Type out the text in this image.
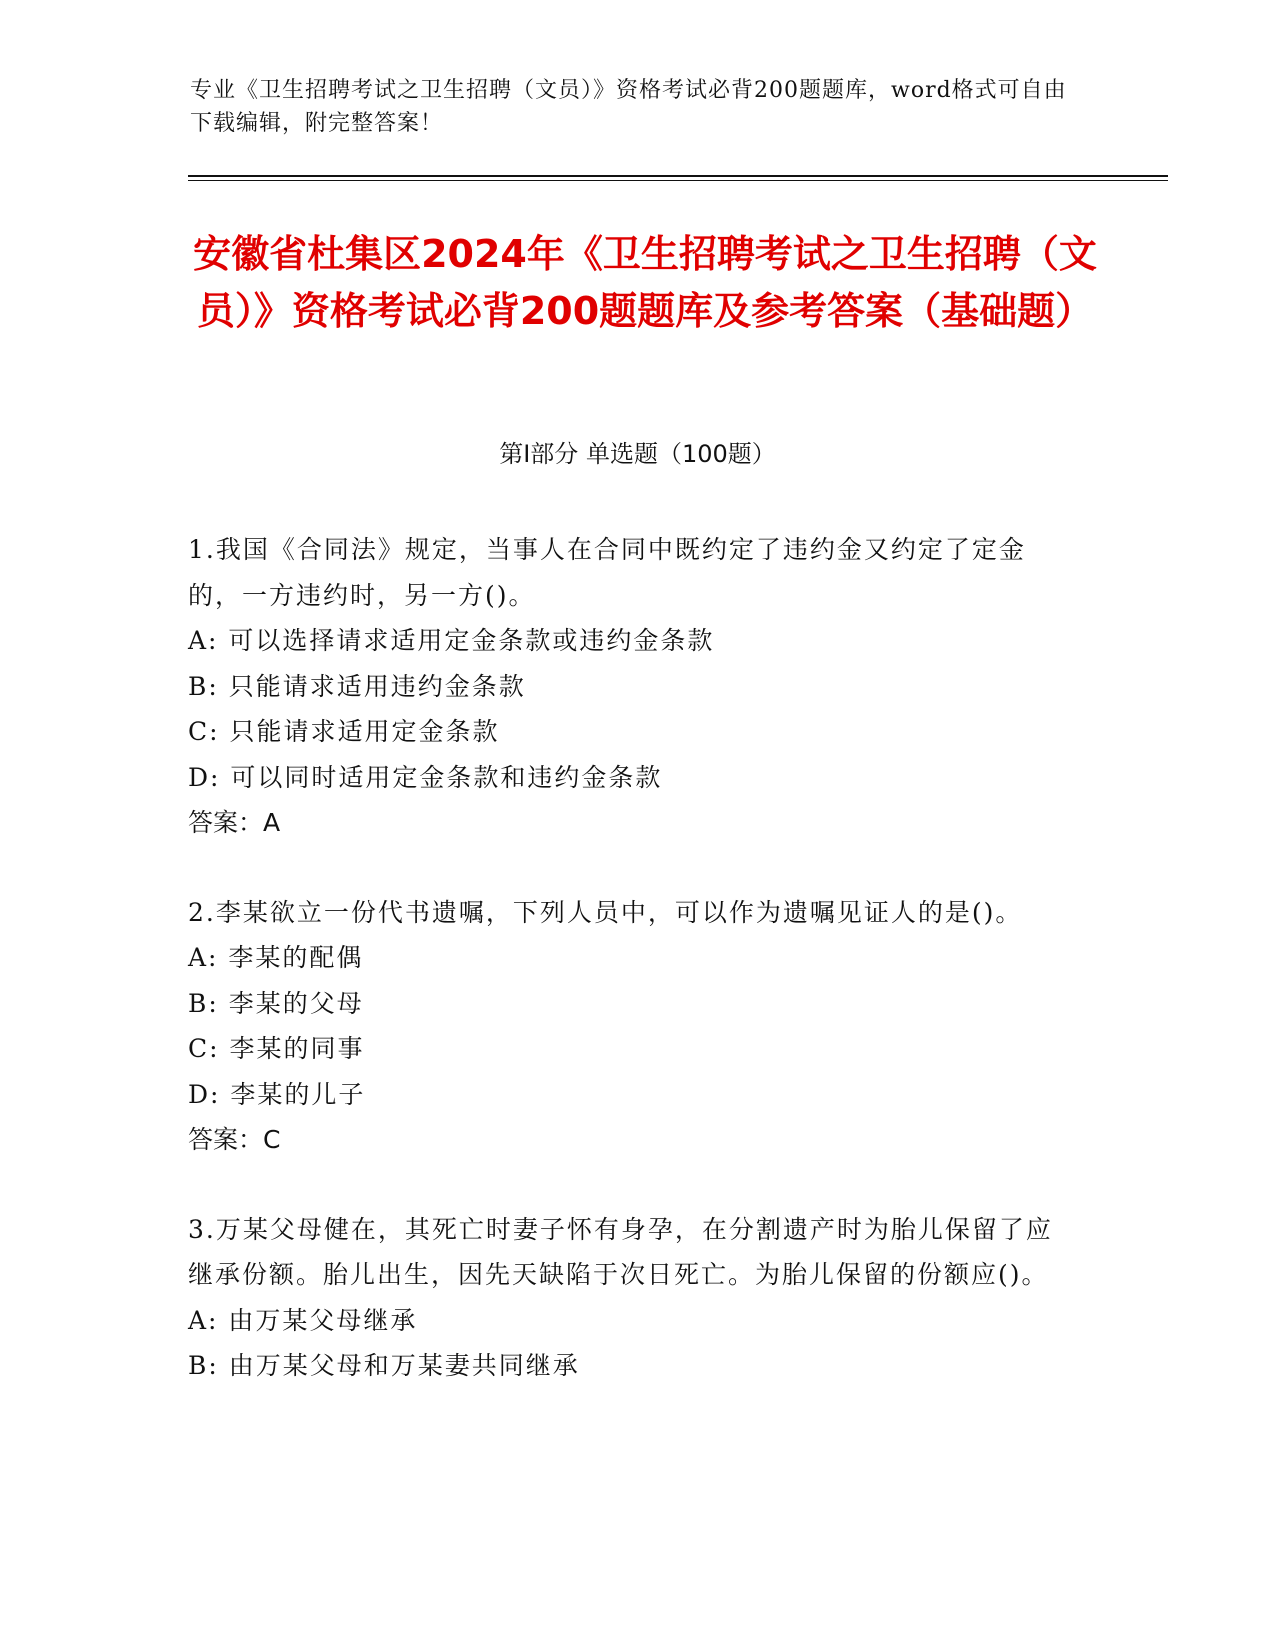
专业《卫生招聘考试之卫生招聘（文员）》资格考试必背200题题库，word格式可自由下载编辑，附完整答案！
安徽省杜集区2024年《卫生招聘考试之卫生招聘（文员）》资格考试必背200题题库及参考答案（基础题）
第I部分 单选题（100题）

1.我国《合同法》规定，当事人在合同中既约定了违约金又约定了定金的，一方违约时，另一方()。

A: 可以选择请求适用定金条款或违约金条款

B: 只能请求适用违约金条款

C: 只能请求适用定金条款

D: 可以同时适用定金条款和违约金条款

答案：A

2.李某欲立一份代书遗嘱，下列人员中，可以作为遗嘱见证人的是()。

A: 李某的配偶

B: 李某的父母

C: 李某的同事

D: 李某的儿子

答案：C

3.万某父母健在，其死亡时妻子怀有身孕，在分割遗产时为胎儿保留了应继承份额。胎儿出生，因先天缺陷于次日死亡。为胎儿保留的份额应()。

A: 由万某父母继承

B: 由万某父母和万某妻共同继承
